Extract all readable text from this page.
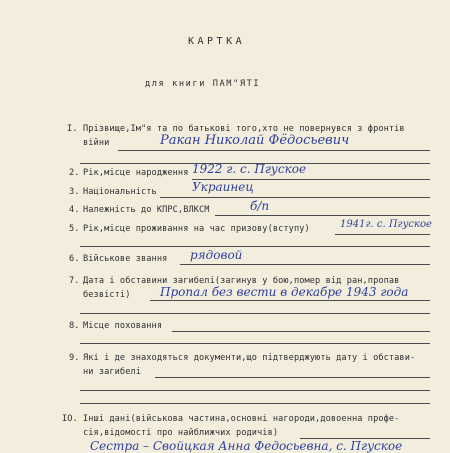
КАРТКА
для книги ПАМ"ЯТІ
I. Прізвище,Ім"я та по батькові того,хто не повернувся з фронтів
війни	Ракан Николай Фёдосьевич
2. Рік,місце народження 1922 г. с. Пгуское
3. Національність	Украинец
4. Належність до КПРС,ВЛКСМ	б/п
5. Рік,місце проживання на час призову(вступу)	1941г. с. Пгуское
6. Військове звання рядовой
7. Дата і обставини загибелі(загинув у бою,помер від ран,пропав
безвісті) Пропал без вести в декабре 1943 года
8. Місце поховання
9. Які і де знаходяться документи,що підтверджують дату і обстави-
ни загибелі
IO. Інші дані(військова частина,основні нагороди,довоенна профе-
сія,відомості про найближчих родичів)
Сестра – Свойцкая Анна Федосьевна, с. Пгуское
